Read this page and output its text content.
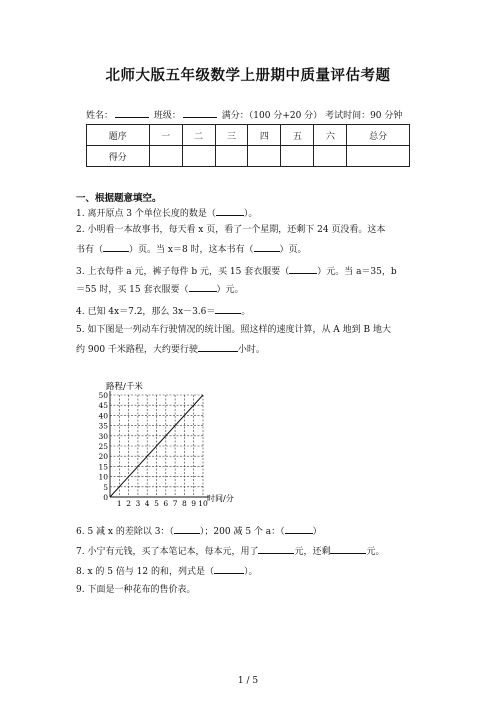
北师大版五年级数学上册期中质量评估考题
姓名：	班级：	满分：（100 分+20 分） 考试时间：90 分钟
题序	一	二	三	四	五	六	总分
得分							
一、根据题意填空。
1. 离开原点 3 个单位长度的数是（	）。
2. 小明看一本故事书，每天看 x 页，看了一个星期，还剩下 24 页没看。这本
书有（	）页。当 x＝8 时，这本书有（	）页。
3. 上衣每件 a 元，裤子每件 b 元，买 15 套衣服要（	）元。当 a＝35，b
＝55 时，买 15 套衣服要（	）元。
4. 已知 4x＝7.2，那么 3x－3.6＝	。
5. 如下图是一列动车行驶情况的统计图。照这样的速度计算，从 A 地到 B 地大
约 900 千米路程，大约要行驶	小时。
0
5
10
15
20
25
30
35
40
45
50
1 2 3 4 5 6 7 8 9 10
路程/千米
时间/分
6. 5 减 x 的差除以 3：（	）；200 减 5 个 a：（	）
7. 小宁有元钱，买了本笔记本，每本元，用了	元，还剩	元。
8. x 的 5 倍与 12 的和，列式是（	）。
9. 下面是一种花布的售价表。
1 / 5
